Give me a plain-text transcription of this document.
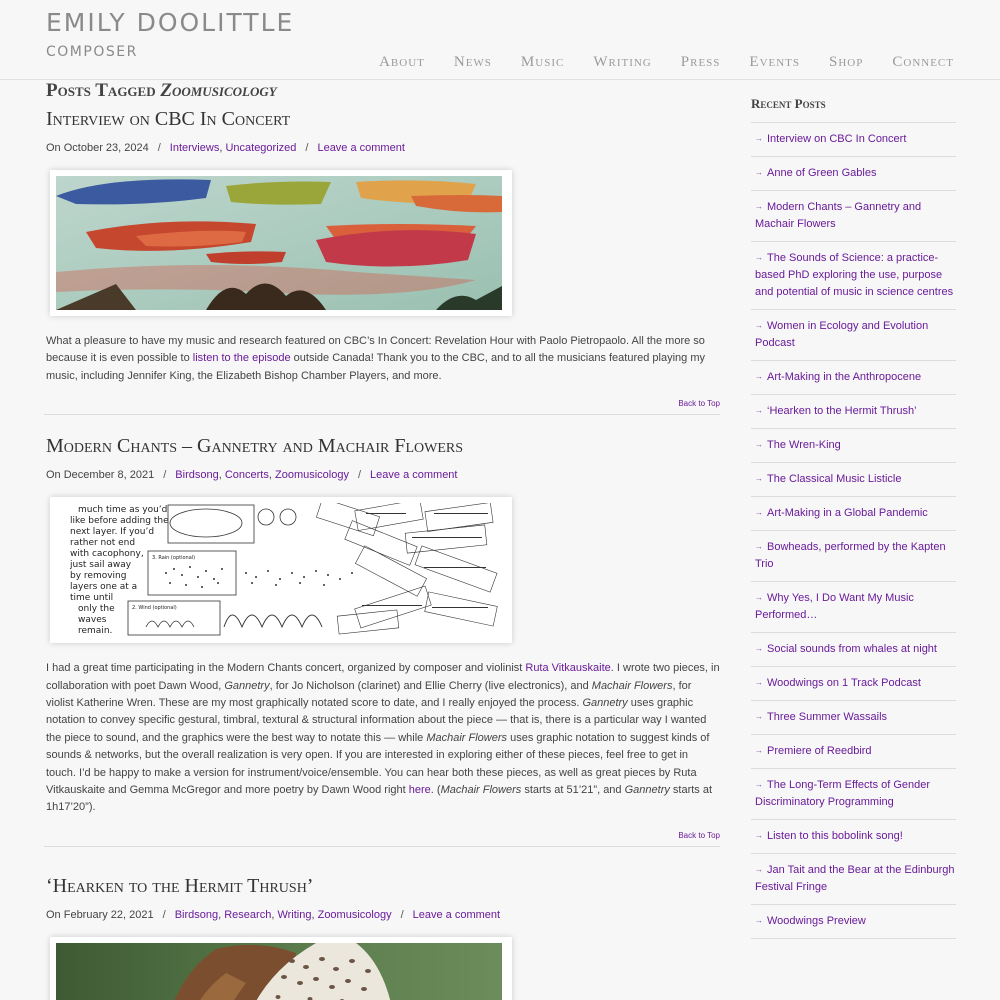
EMILY DOOLITTLE
COMPOSER
About News Music Writing Press Events Shop Connect
Posts Tagged Zoomusicology
Interview on CBC In Concert
On October 23, 2024 / Interviews, Uncategorized / Leave a comment

What a pleasure to have my music and research featured on CBC’s In Concert: Revelation Hour with Paolo Pietropaolo. All the more so because it is even possible to listen to the episode outside Canada! Thank you to the CBC, and to all the musicians featured playing my music, including Jennifer King, the Elizabeth Bishop Chamber Players, and more.

Back to Top
Modern Chants – Gannetry and Machair Flowers
On December 8, 2021 / Birdsong, Concerts, Zoomusicology / Leave a comment
much time as you’d
like before adding the
next layer. If you’d
rather not end
with cacophony,
just sail away
by removing
layers one at a
time until
only the
waves
remain.
3. Rain (optional)
2. Wind (optional)

I had a great time participating in the Modern Chants concert, organized by composer and violinist Ruta Vitkauskaite. I wrote two pieces, in collaboration with poet Dawn Wood, Gannetry, for Jo Nicholson (clarinet) and Ellie Cherry (live electronics), and Machair Flowers, for violist Katherine Wren. These are my most graphically notated score to date, and I really enjoyed the process. Gannetry uses graphic notation to convey specific gestural, timbral, textural & structural information about the piece — that is, there is a particular way I wanted the piece to sound, and the graphics were the best way to notate this — while Machair Flowers uses graphic notation to suggest kinds of sounds & networks, but the overall realization is very open. If you are interested in exploring either of these pieces, feel free to get in touch. I’d be happy to make a version for instrument/voice/ensemble. You can hear both these pieces, as well as great pieces by Ruta Vitkauskaite and Gemma McGregor and more poetry by Dawn Wood right here. (Machair Flowers starts at 51’21”, and Gannetry starts at 1h17’20”).

Back to Top
‘Hearken to the Hermit Thrush’
On February 22, 2021 / Birdsong, Research, Writing, Zoomusicology / Leave a comment
Recent Posts
→ Interview on CBC In Concert
→ Anne of Green Gables
→ Modern Chants – Gannetry and Machair Flowers
→ The Sounds of Science: a practice-based PhD exploring the use, purpose and potential of music in science centres
→ Women in Ecology and Evolution Podcast
→ Art-Making in the Anthropocene
→ ‘Hearken to the Hermit Thrush’
→ The Wren-King
→ The Classical Music Listicle
→ Art-Making in a Global Pandemic
→ Bowheads, performed by the Kapten Trio
→ Why Yes, I Do Want My Music Performed…
→ Social sounds from whales at night
→ Woodwings on 1 Track Podcast
→ Three Summer Wassails
→ Premiere of Reedbird
→ The Long-Term Effects of Gender Discriminatory Programming
→ Listen to this bobolink song!
→ Jan Tait and the Bear at the Edinburgh Festival Fringe
→ Woodwings Preview
